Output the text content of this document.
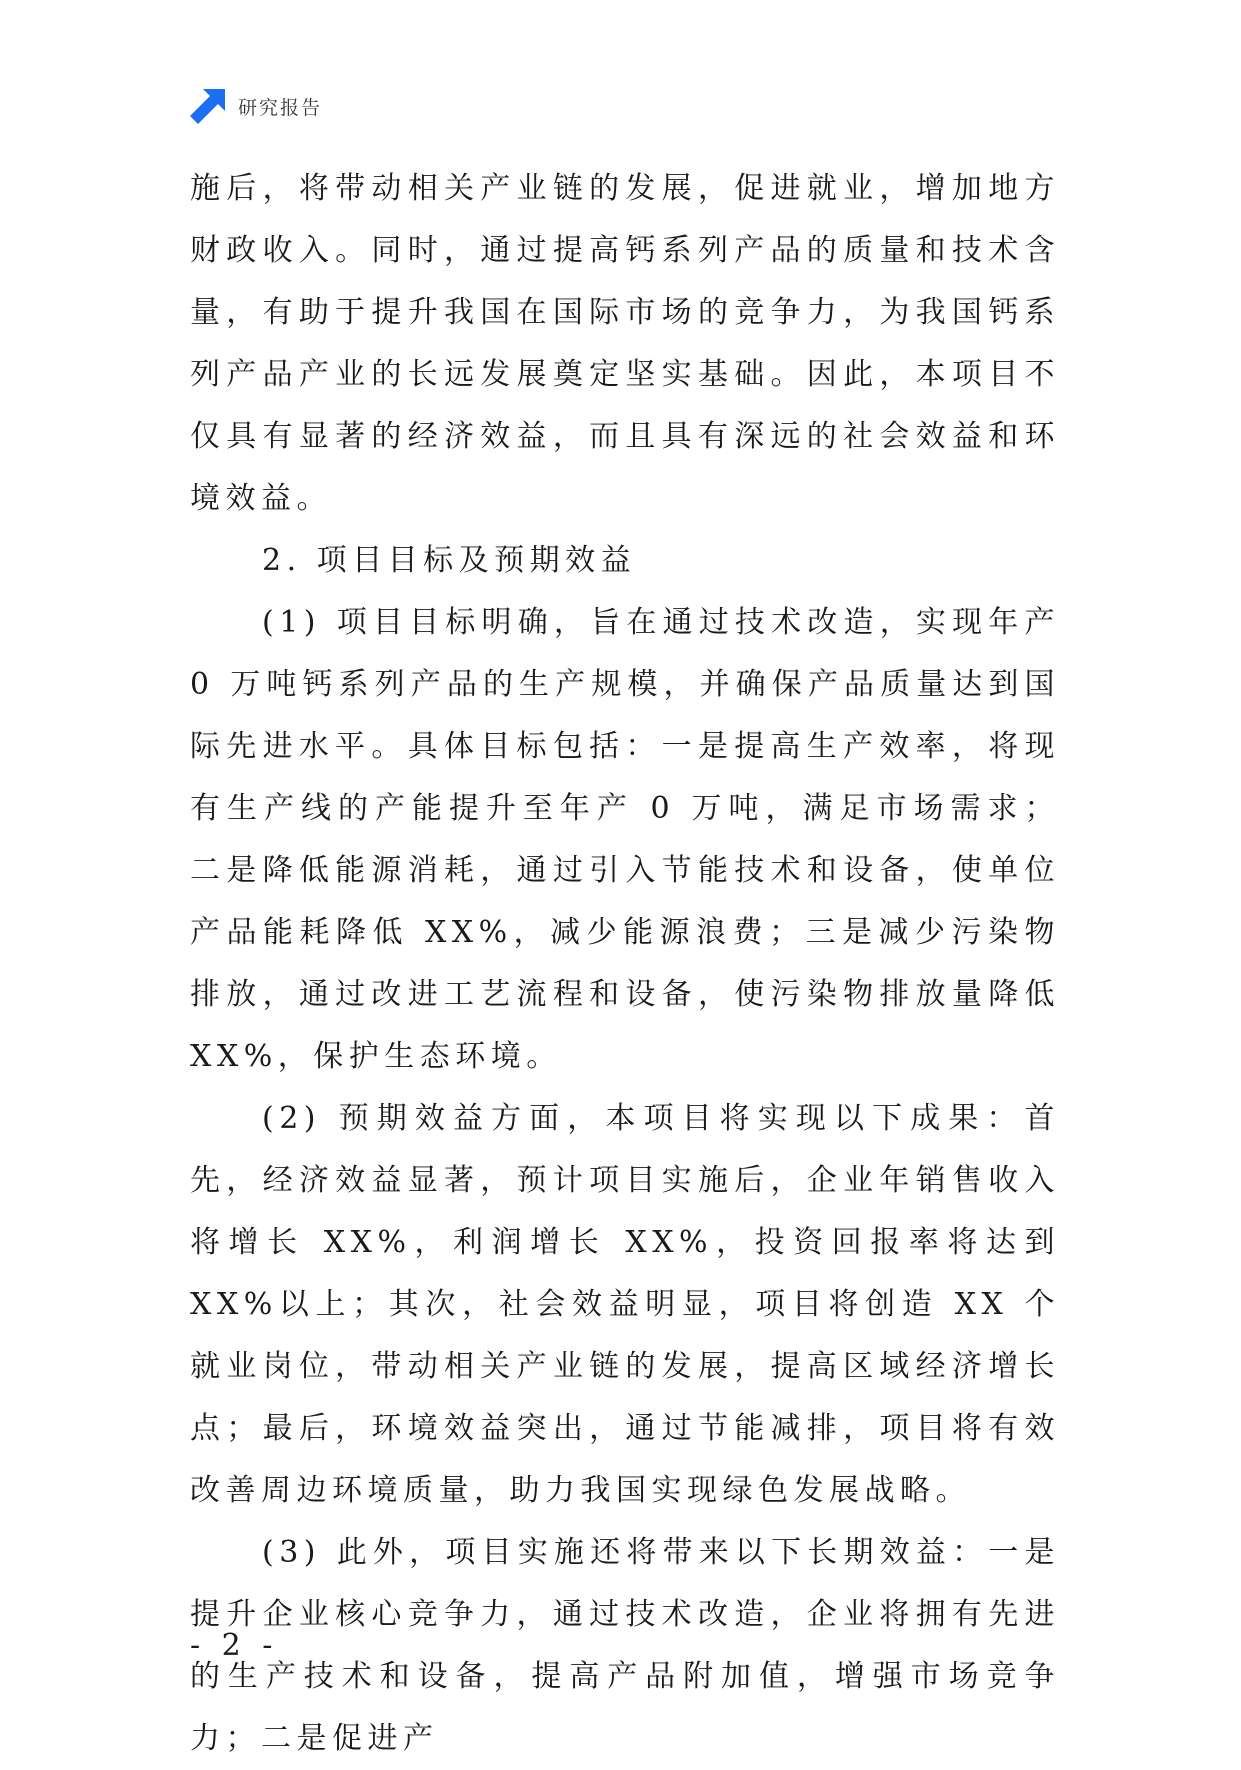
研究报告

施后，将带动相关产业链的发展，促进就业，增加地方财政收入。同时，通过提高钙系列产品的质量和技术含量，有助于提升我国在国际市场的竞争力，为我国钙系列产品产业的长远发展奠定坚实基础。因此，本项目不仅具有显著的经济效益，而且具有深远的社会效益和环境效益。

2. 项目目标及预期效益

(1) 项目目标明确，旨在通过技术改造，实现年产 0 万吨钙系列产品的生产规模，并确保产品质量达到国际先进水平。具体目标包括：一是提高生产效率，将现有生产线的产能提升至年产 0 万吨，满足市场需求；二是降低能源消耗，通过引入节能技术和设备，使单位产品能耗降低 XX%，减少能源浪费；三是减少污染物排放，通过改进工艺流程和设备，使污染物排放量降低 XX%，保护生态环境。

(2) 预期效益方面，本项目将实现以下成果：首先，经济效益显著，预计项目实施后，企业年销售收入将增长 XX%，利润增长 XX%，投资回报率将达到 XX%以上；其次，社会效益明显，项目将创造 XX 个就业岗位，带动相关产业链的发展，提高区域经济增长点；最后，环境效益突出，通过节能减排，项目将有效改善周边环境质量，助力我国实现绿色发展战略。

(3) 此外，项目实施还将带来以下长期效益：一是提升企业核心竞争力，通过技术改造，企业将拥有先进的生产技术和设备，提高产品附加值，增强市场竞争力；二是促进产

- 2 -
